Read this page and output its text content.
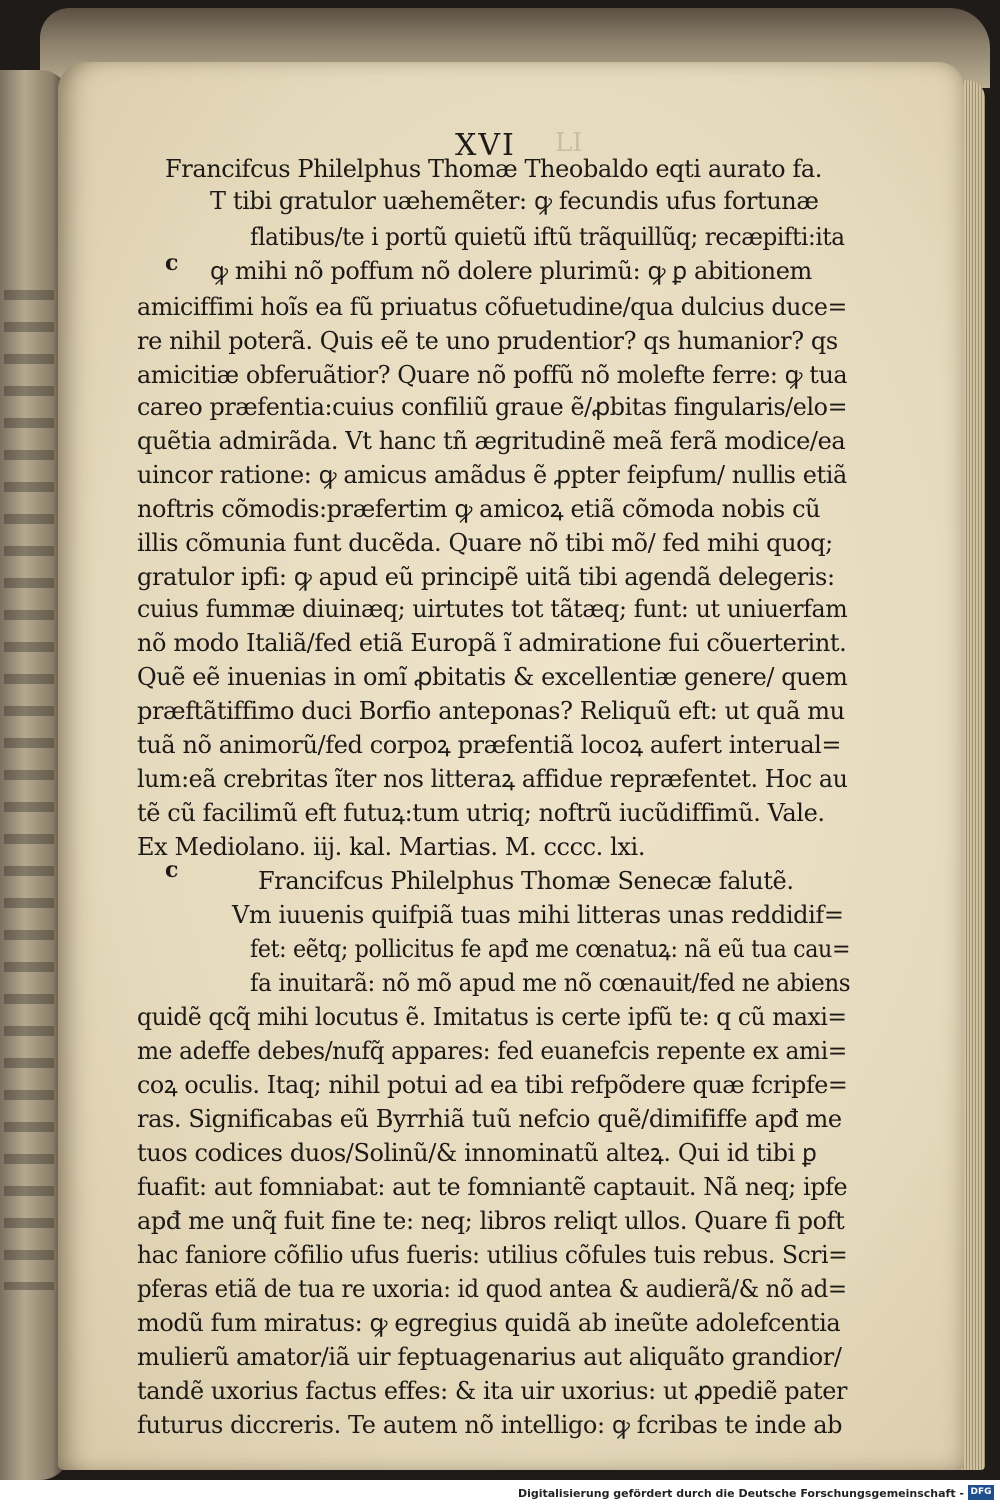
XVI	LI
c
c
Francifcus Philelphus Thomæ Theobaldo eqti aurato fa.
T tibi gratulor uæhemẽter: ꝙ fecundis ufus fortunæ
flatibus/te i portũ quietũ iftũ trãquillũq; recæpifti:ita
ꝙ mihi nõ poffum nõ dolere plurimũ: ꝙ ꝑ abitionem
amiciffimi hoĩs ea fũ priuatus cõfuetudine/qua dulcius duce=
re nihil poterã. Quis eẽ te uno prudentior? qs humanior? qs
amicitiæ obferuãtior? Quare nõ poffũ nõ molefte ferre: ꝙ tua
careo præfentia:cuius confiliũ graue ẽ/ꝓbitas fingularis/elo=
quẽtia admirãda. Vt hanc tñ ægritudinẽ meã ferã modice/ea
uincor ratione: ꝙ amicus amãdus ẽ ꝓpter feipfum/ nullis etiã
noftris cõmodis:præfertim ꝙ amicoꝝ etiã cõmoda nobis cũ
illis cõmunia funt ducẽda. Quare nõ tibi mõ/ fed mihi quoq;
gratulor ipfi: ꝙ apud eũ principẽ uitã tibi agendã delegeris:
cuius fummæ diuinæq; uirtutes tot tãtæq; funt: ut uniuerfam
nõ modo Italiã/fed etiã Europã ĩ admiratione fui cõuerterint.
Quẽ eẽ inuenias in omĩ ꝓbitatis & excellentiæ genere/ quem
præftãtiffimo duci Borfio anteponas? Reliquũ eft: ut quã mu
tuã nõ animorũ/fed corpoꝝ præfentiã locoꝝ aufert interual=
lum:eã crebritas ĩter nos litteraꝝ affidue repræfentet. Hoc au
tẽ cũ facilimũ eft futuꝝ:tum utriq; noftrũ iucũdiffimũ. Vale.
Ex Mediolano. iij. kal. Martias. M. cccc. lxi.
Francifcus Philelphus Thomæ Senecæ falutẽ.
Vm iuuenis quifpiã tuas mihi litteras unas reddidif=
fet: eẽtq; pollicitus fe apđ me cœnatuꝝ: nã eũ tua cau=
fa inuitarã: nõ mõ apud me nõ cœnauit/fed ne abiens
quidẽ qcq̃ mihi locutus ẽ. Imitatus is certe ipfũ te: q cũ maxi=
me adeffe debes/nufq̃ appares: fed euanefcis repente ex ami=
coꝝ oculis. Itaq; nihil potui ad ea tibi refpõdere quæ fcripfe=
ras. Significabas eũ Byrrhiã tuũ nefcio quẽ/dimififfe apđ me
tuos codices duos/Solinũ/& innominatũ alteꝝ. Qui id tibi ꝑ
fuafit: aut fomniabat: aut te fomniantẽ captauit. Nã neq; ipfe
apđ me unq̃ fuit fine te: neq; libros reliqt ullos. Quare fi poft
hac faniore cõfilio ufus fueris: utilius cõfules tuis rebus. Scri=
pferas etiã de tua re uxoria: id quod antea & audierã/& nõ ad=
modũ fum miratus: ꝙ egregius quidã ab ineũte adolefcentia
mulierũ amator/iã uir feptuagenarius aut aliquãto grandior/
tandẽ uxorius factus effes: & ita uir uxorius: ut ꝓpediẽ pater
futurus diccreris. Te autem nõ intelligo: ꝙ fcribas te inde ab
Digitalisierung gefördert durch die Deutsche Forschungsgemeinschaft - DFG
